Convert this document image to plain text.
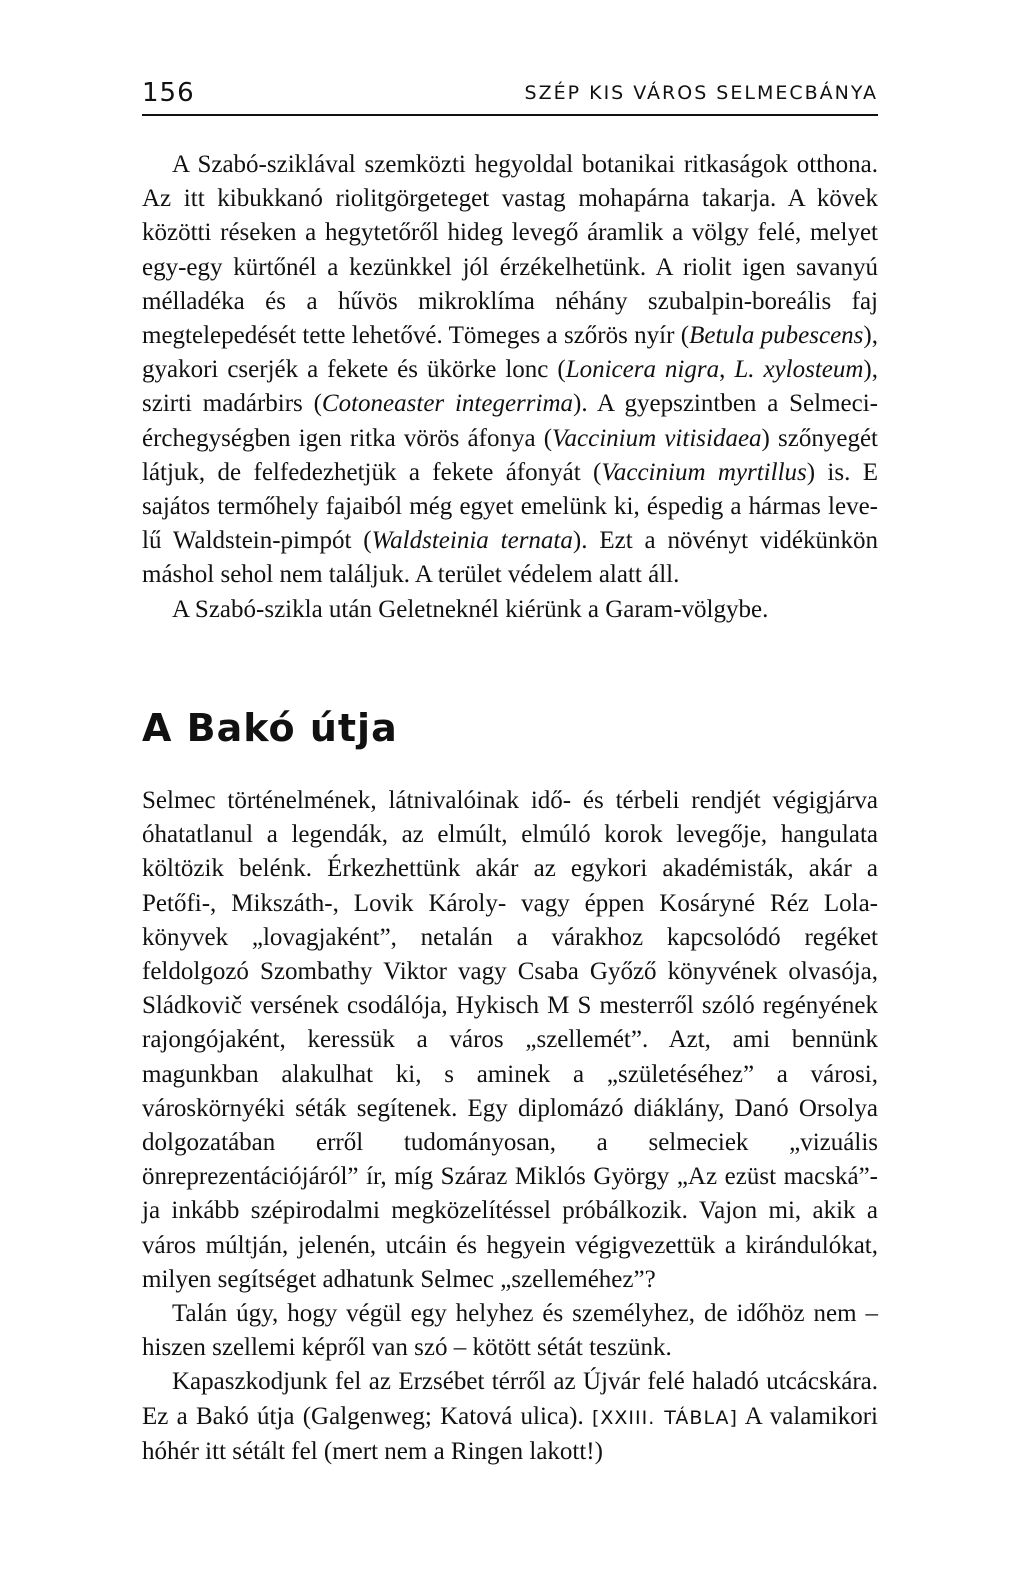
156	SZÉP KIS VÁROS SELMECBÁNYA

A Szabó-sziklával szemközti hegyoldal botanikai ritkaságok otthona. Az itt kibukkanó riolitgörgeteget vastag mohapárna takarja. A kövek közötti réseken a hegytetőről hideg levegő áramlik a völgy felé, melyet egy-egy kürtőnél a kezünkkel jól érzékelhetünk. A riolit igen savanyú mélladéka és a hűvös mikroklíma néhány szubalpin-boreális faj megtelepedését tette lehetővé. Tömeges a szőrös nyír (Betula pubescens), gyakori cserjék a fekete és ükörke lonc (Lonicera nigra, L. xylosteum), szirti madárbirs (Cotoneaster integerrima). A gyepszintben a Selmeci-érchegységben igen ritka vörös áfonya (Vaccinium vitisidaea) szőnyegét látjuk, de felfedezhetjük a fekete áfonyát (Vaccinium myrtillus) is. E sajátos termőhely fajaiból még egyet emelünk ki, éspedig a hármas levelű Waldstein-pimpót (Waldsteinia ternata). Ezt a növényt vidékünkön máshol sehol nem találjuk. A terület védelem alatt áll.

A Szabó-szikla után Geletneknél kiérünk a Garam-völgybe.

A Bakó útja

Selmec történelmének, látnivalóinak idő- és térbeli rendjét végigjárva óhatatlanul a legendák, az elmúlt, elmúló korok levegője, hangulata költözik belénk. Érkezhettünk akár az egykori akadémisták, akár a Petőfi-, Mikszáth-, Lovik Károly- vagy éppen Kosáryné Réz Lola-könyvek „lovagjaként”, netalán a várakhoz kapcsolódó regéket feldolgozó Szombathy Viktor vagy Csaba Győző könyvének olvasója, Sládkovič versének csodálója, Hykisch M S mesterről szóló regényének rajongójaként, keressük a város „szellemét”. Azt, ami bennünk magunkban alakulhat ki, s aminek a „születéséhez” a városi, városkörnyéki séták segítenek. Egy diplomázó diáklány, Danó Orsolya dolgozatában erről tudományosan, a selmeciek „vizuális önreprezentációjáról” ír, míg Száraz Miklós György „Az ezüst macská”-ja inkább szépirodalmi megközelítéssel próbálkozik. Vajon mi, akik a város múltján, jelenén, utcáin és hegyein végigvezettük a kirándulókat, milyen segítséget adhatunk Selmec „szelleméhez”?

Talán úgy, hogy végül egy helyhez és személyhez, de időhöz nem – hiszen szellemi képről van szó – kötött sétát teszünk.

Kapaszkodjunk fel az Erzsébet térről az Újvár felé haladó utcácskára. Ez a Bakó útja (Galgenweg; Katová ulica). [XXIII. TÁBLA] A valamikori hóhér itt sétált fel (mert nem a Ringen lakott!)
